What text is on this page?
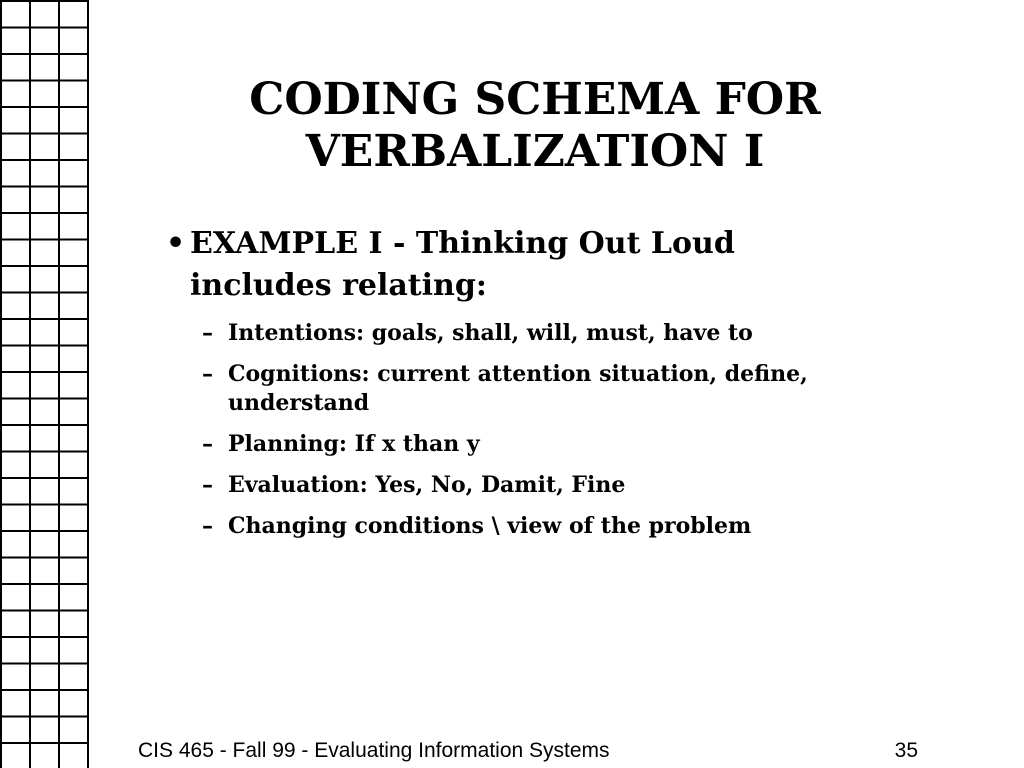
CODING SCHEMA FOR
VERBALIZATION I
• EXAMPLE I - Thinking Out Loud includes relating:
– Intentions: goals, shall, will, must, have to
– Cognitions: current attention situation, define, understand
– Planning: If x than y
– Evaluation: Yes, No, Damit, Fine
– Changing conditions \ view of the problem
CIS 465 - Fall 99 - Evaluating Information Systems	35
